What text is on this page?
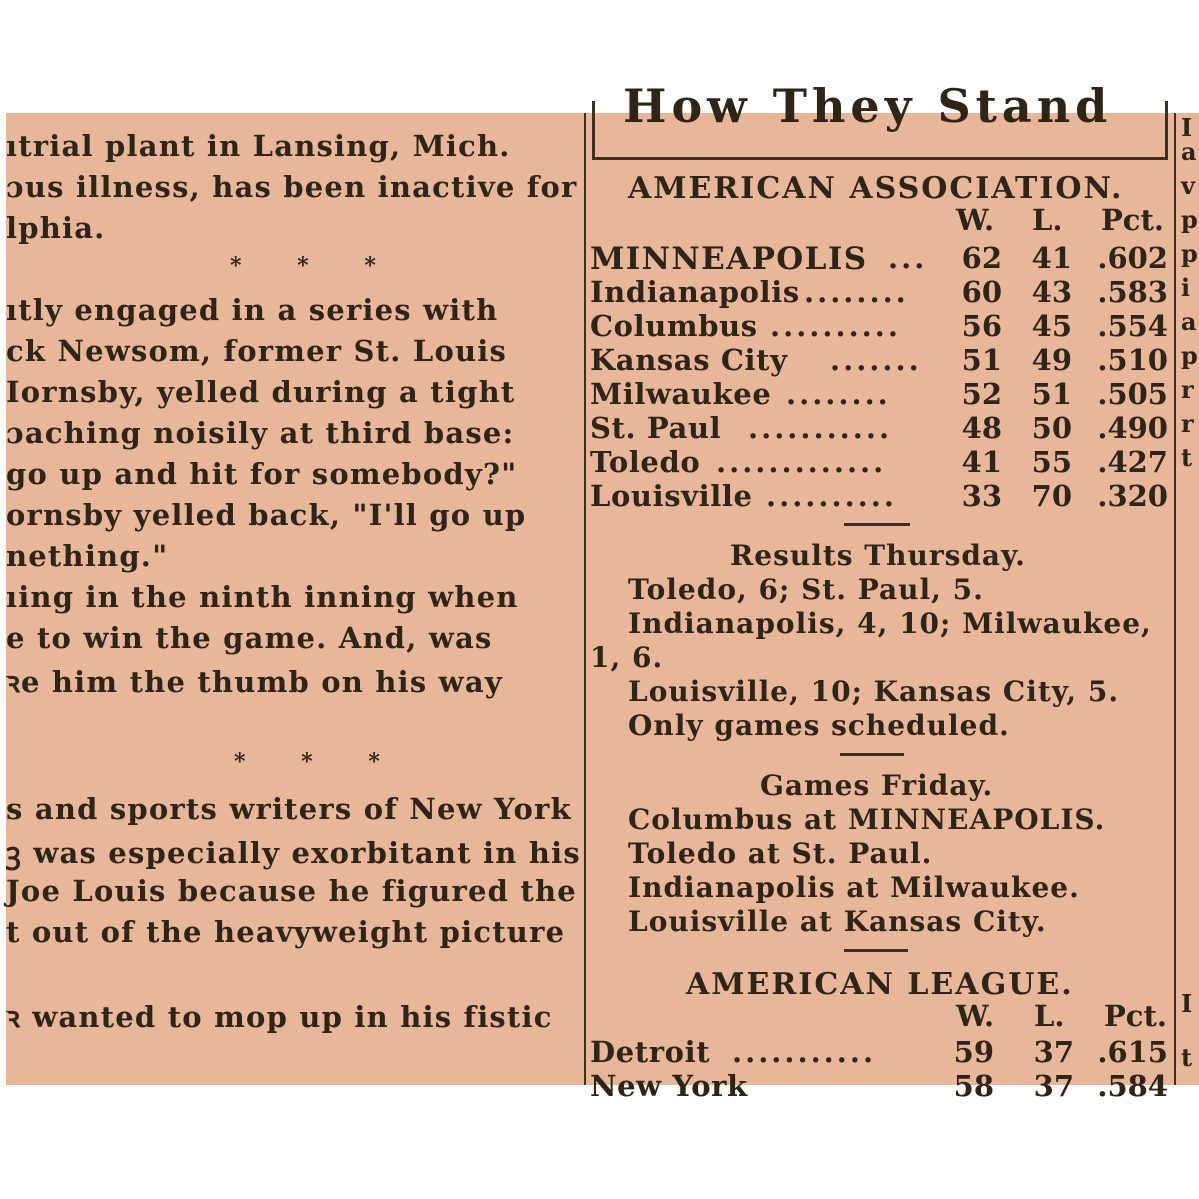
ıtrial plant in Lansing, Mich.
ɔus illness, has been inactive for
lphia.
* * *
ıtly engaged in a series with
ck Newsom, former St. Louis
Iornsby, yelled during a tight
ɔaching noisily at third base:
go up and hit for somebody?"
ornsby yelled back, "I'll go up
nething."
ıing in the ninth inning when
e to win the game. And, was
ꝛe him the thumb on his way
* * *
s and sports writers of New York
ꝫ was especially exorbitant in his
Joe Louis because he figured the
t out of the heavyweight picture
ꝛ wanted to mop up in his fistic
How They Stand
AMERICAN ASSOCIATION.
W. L. Pct.
MINNEAPOLIS ... 62 41 .602
Indianapolis ........ 60 43 .583
Columbus .......... 56 45 .554
Kansas City ....... 51 49 .510
Milwaukee ........ 52 51 .505
St. Paul ........... 48 50 .490
Toledo .............	41 55 .427
Louisville .......... 33 70 .320
Results Thursday.
Toledo, 6; St. Paul, 5.
Indianapolis, 4, 10; Milwaukee,
1, 6.
Louisville, 10; Kansas City, 5.
Only games scheduled.
Games Friday.
Columbus at MINNEAPOLIS.
Toledo at St. Paul.
Indianapolis at Milwaukee.
Louisville at Kansas City.
AMERICAN LEAGUE.
W. L. Pct.
Detroit ...........	59 37 .615
New York	58 37 .584
I
a
v
p
p
i
a
p
r
r
t
I
t
